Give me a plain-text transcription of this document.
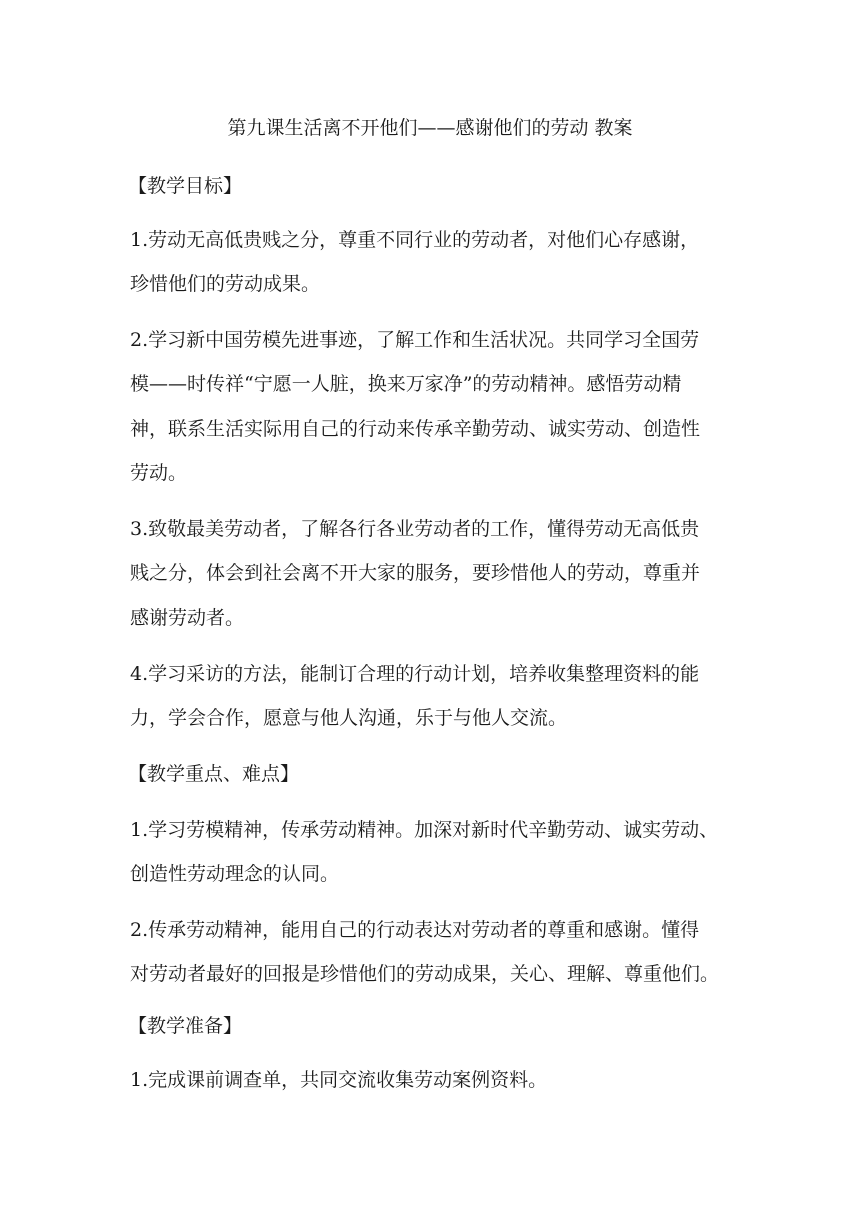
第九课生活离不开他们——感谢他们的劳动 教案
【教学目标】
1.劳动无高低贵贱之分，尊重不同行业的劳动者，对他们心存感谢，
珍惜他们的劳动成果。
2.学习新中国劳模先进事迹，了解工作和生活状况。共同学习全国劳
模——时传祥“宁愿一人脏，换来万家净”的劳动精神。感悟劳动精
神，联系生活实际用自己的行动来传承辛勤劳动、诚实劳动、创造性
劳动。
3.致敬最美劳动者，了解各行各业劳动者的工作，懂得劳动无高低贵
贱之分，体会到社会离不开大家的服务，要珍惜他人的劳动，尊重并
感谢劳动者。
4.学习采访的方法，能制订合理的行动计划，培养收集整理资料的能
力，学会合作，愿意与他人沟通，乐于与他人交流。
【教学重点、难点】
1.学习劳模精神，传承劳动精神。加深对新时代辛勤劳动、诚实劳动、
创造性劳动理念的认同。
2.传承劳动精神，能用自己的行动表达对劳动者的尊重和感谢。懂得
对劳动者最好的回报是珍惜他们的劳动成果，关心、理解、尊重他们。
【教学准备】
1.完成课前调查单，共同交流收集劳动案例资料。
